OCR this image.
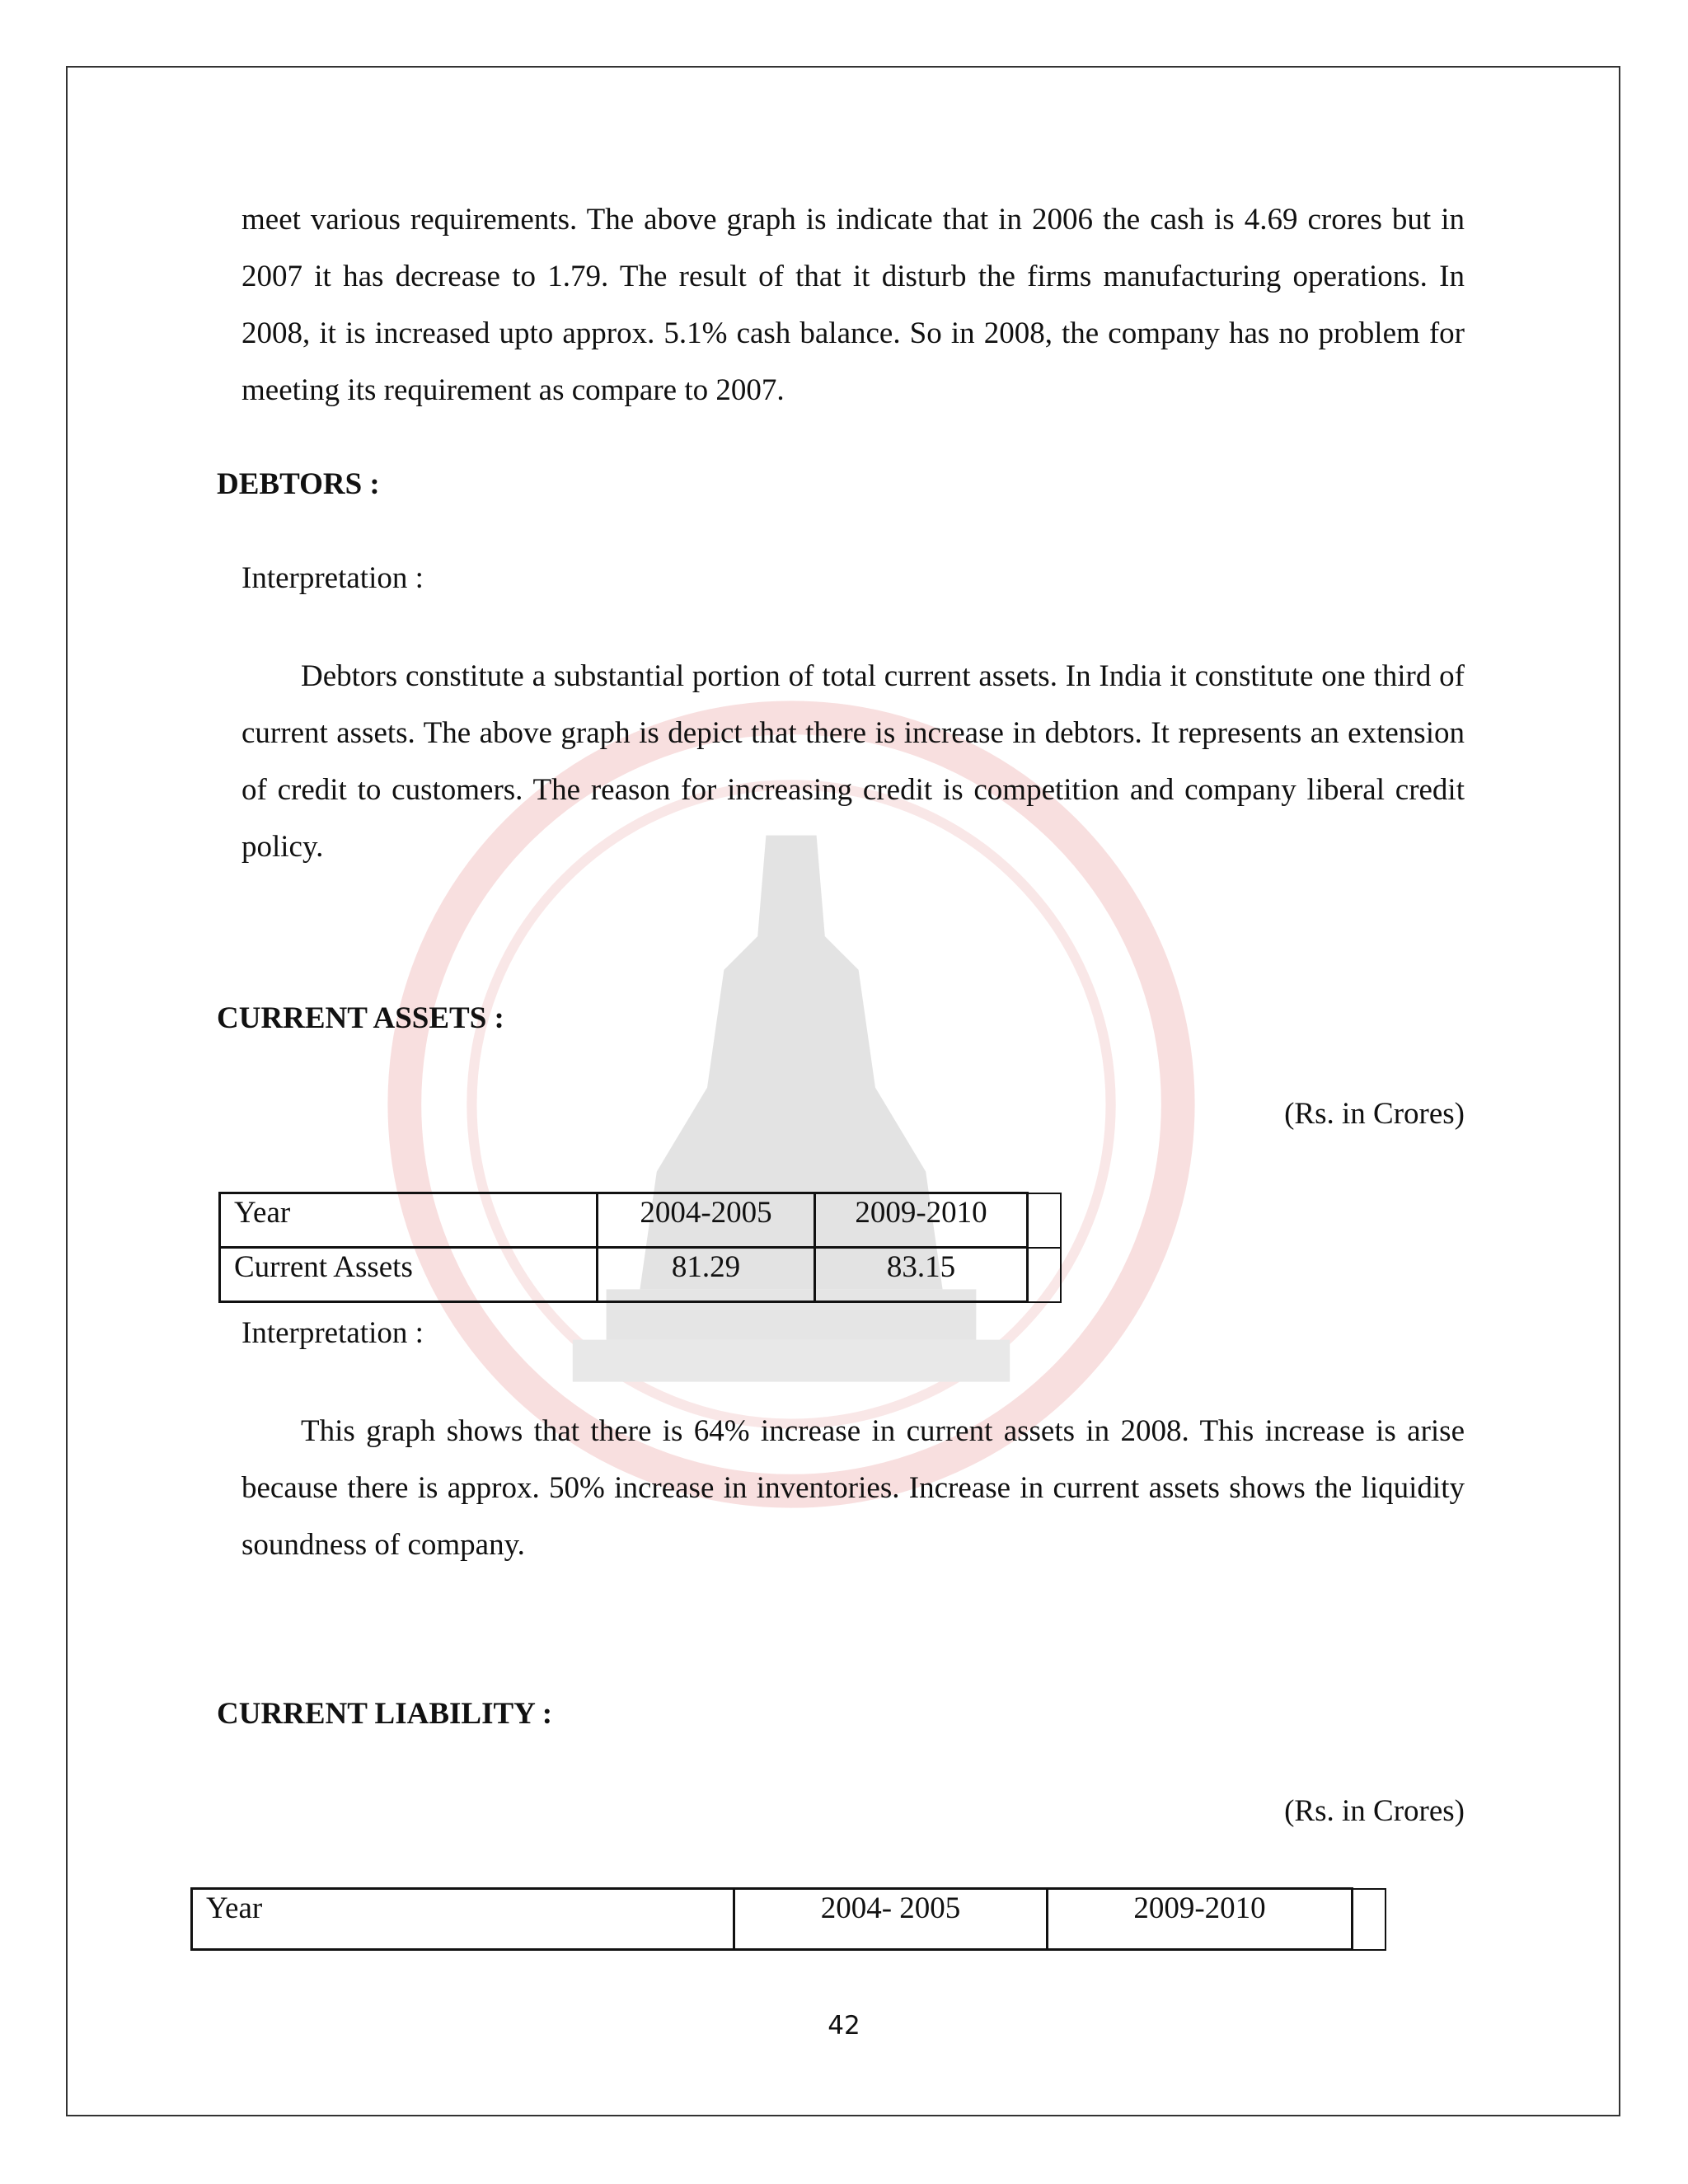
meet various requirements. The above graph is indicate that in 2006 the cash is 4.69 crores but in 2007 it has decrease to 1.79. The result of that it disturb the firms manufacturing operations. In 2008, it is increased upto approx. 5.1% cash balance. So in 2008, the company has no problem for meeting its requirement as compare to 2007.

DEBTORS :

Interpretation :

Debtors constitute a substantial portion of total current assets. In India it constitute one third of current assets. The above graph is depict that there is increase in debtors. It represents an extension of credit to customers. The reason for increasing credit is competition and company liberal credit policy.

CURRENT ASSETS :

(Rs. in Crores)

Year	2004-2005	2009-2010	
Current Assets	81.29	83.15	

Interpretation :

This graph shows that there is 64% increase in current assets in 2008. This increase is arise because there is approx. 50% increase in inventories. Increase in current assets shows the liquidity soundness of company.

CURRENT LIABILITY :

(Rs. in Crores)

Year	2004- 2005	2009-2010	
42
